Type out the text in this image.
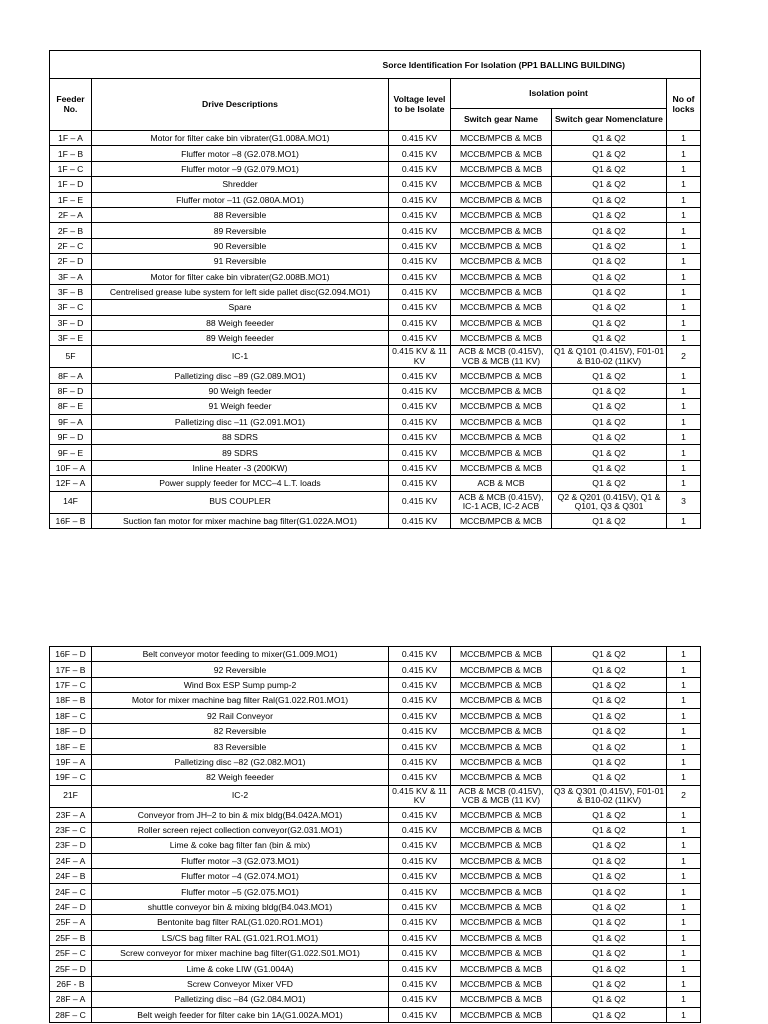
Sorce Identification For Isolation (PP1 BALLING BUILDING)					
Feeder No.	Drive Descriptions	Voltage level to be Isolate	Isolation point		No of locks
			Switch gear Name	Switch gear Nomenclature	
1F – A	Motor for filter cake bin vibrater(G1.008A.MO1)	0.415 KV	MCCB/MPCB & MCB	Q1 & Q2	1
1F – B	Fluffer motor –8 (G2.078.MO1)	0.415 KV	MCCB/MPCB & MCB	Q1 & Q2	1
1F – C	Fluffer motor –9 (G2.079.MO1)	0.415 KV	MCCB/MPCB & MCB	Q1 & Q2	1
1F – D	Shredder	0.415 KV	MCCB/MPCB & MCB	Q1 & Q2	1
1F – E	Fluffer motor –11 (G2.080A.MO1)	0.415 KV	MCCB/MPCB & MCB	Q1 & Q2	1
2F – A	88 Reversible	0.415 KV	MCCB/MPCB & MCB	Q1 & Q2	1
2F – B	89 Reversible	0.415 KV	MCCB/MPCB & MCB	Q1 & Q2	1
2F – C	90 Reversible	0.415 KV	MCCB/MPCB & MCB	Q1 & Q2	1
2F – D	91 Reversible	0.415 KV	MCCB/MPCB & MCB	Q1 & Q2	1
3F – A	Motor for filter cake bin vibrater(G2.008B.MO1)	0.415 KV	MCCB/MPCB & MCB	Q1 & Q2	1
3F – B	Centrelised grease lube system for left side pallet disc(G2.094.MO1)	0.415 KV	MCCB/MPCB & MCB	Q1 & Q2	1
3F – C	Spare	0.415 KV	MCCB/MPCB & MCB	Q1 & Q2	1
3F – D	88 Weigh feeeder	0.415 KV	MCCB/MPCB & MCB	Q1 & Q2	1
3F – E	89 Weigh feeeder	0.415 KV	MCCB/MPCB & MCB	Q1 & Q2	1
5F	IC-1	0.415 KV & 11 KV	ACB & MCB (0.415V), VCB & MCB (11 KV)	Q1 & Q101 (0.415V), F01-01 & B10-02 (11KV)	2
8F – A	Palletizing disc –89 (G2.089.MO1)	0.415 KV	MCCB/MPCB & MCB	Q1 & Q2	1
8F – D	90 Weigh feeder	0.415 KV	MCCB/MPCB & MCB	Q1 & Q2	1
8F – E	91 Weigh feeder	0.415 KV	MCCB/MPCB & MCB	Q1 & Q2	1
9F – A	Palletizing disc –11 (G2.091.MO1)	0.415 KV	MCCB/MPCB & MCB	Q1 & Q2	1
9F – D	88 SDRS	0.415 KV	MCCB/MPCB & MCB	Q1 & Q2	1
9F – E	89 SDRS	0.415 KV	MCCB/MPCB & MCB	Q1 & Q2	1
10F – A	Inline Heater -3 (200KW)	0.415 KV	MCCB/MPCB & MCB	Q1 & Q2	1
12F – A	Power supply feeder for MCC–4 L.T. loads	0.415 KV	ACB & MCB	Q1 & Q2	1
14F	BUS COUPLER	0.415 KV	ACB & MCB (0.415V), IC-1 ACB, IC-2 ACB	Q2 & Q201 (0.415V), Q1 & Q101, Q3 & Q301	3
16F – B	Suction fan motor for mixer machine bag filter(G1.022A.MO1)	0.415 KV	MCCB/MPCB & MCB	Q1 & Q2	1
16F – D	Belt conveyor motor feeding to mixer(G1.009.MO1)	0.415 KV	MCCB/MPCB & MCB	Q1 & Q2	1
17F – B	92 Reversible	0.415 KV	MCCB/MPCB & MCB	Q1 & Q2	1
17F – C	Wind Box ESP Sump pump-2	0.415 KV	MCCB/MPCB & MCB	Q1 & Q2	1
18F – B	Motor for mixer machine bag filter Ral(G1.022.R01.MO1)	0.415 KV	MCCB/MPCB & MCB	Q1 & Q2	1
18F – C	92 Rail Conveyor	0.415 KV	MCCB/MPCB & MCB	Q1 & Q2	1
18F – D	82 Reversible	0.415 KV	MCCB/MPCB & MCB	Q1 & Q2	1
18F – E	83 Reversible	0.415 KV	MCCB/MPCB & MCB	Q1 & Q2	1
19F – A	Palletizing disc –82 (G2.082.MO1)	0.415 KV	MCCB/MPCB & MCB	Q1 & Q2	1
19F – C	82 Weigh feeeder	0.415 KV	MCCB/MPCB & MCB	Q1 & Q2	1
21F	IC-2	0.415 KV & 11 KV	ACB & MCB (0.415V), VCB & MCB (11 KV)	Q3 & Q301 (0.415V), F01-01 & B10-02 (11KV)	2
23F – A	Conveyor from JH–2 to bin & mix bldg(B4.042A.MO1)	0.415 KV	MCCB/MPCB & MCB	Q1 & Q2	1
23F – C	Roller screen reject collection conveyor(G2.031.MO1)	0.415 KV	MCCB/MPCB & MCB	Q1 & Q2	1
23F – D	Lime & coke bag filter fan (bin & mix)	0.415 KV	MCCB/MPCB & MCB	Q1 & Q2	1
24F – A	Fluffer motor –3 (G2.073.MO1)	0.415 KV	MCCB/MPCB & MCB	Q1 & Q2	1
24F – B	Fluffer motor –4 (G2.074.MO1)	0.415 KV	MCCB/MPCB & MCB	Q1 & Q2	1
24F – C	Fluffer motor –5 (G2.075.MO1)	0.415 KV	MCCB/MPCB & MCB	Q1 & Q2	1
24F – D	shuttle conveyor bin & mixing bldg(B4.043.MO1)	0.415 KV	MCCB/MPCB & MCB	Q1 & Q2	1
25F – A	Bentonite bag filter RAL(G1.020.RO1.MO1)	0.415 KV	MCCB/MPCB & MCB	Q1 & Q2	1
25F – B	LS/CS bag filter RAL (G1.021.RO1.MO1)	0.415 KV	MCCB/MPCB & MCB	Q1 & Q2	1
25F – C	Screw conveyor for mixer machine bag filter(G1.022.S01.MO1)	0.415 KV	MCCB/MPCB & MCB	Q1 & Q2	1
25F – D	Lime & coke LIW (G1.004A)	0.415 KV	MCCB/MPCB & MCB	Q1 & Q2	1
26F - B	Screw Conveyor Mixer VFD	0.415 KV	MCCB/MPCB & MCB	Q1 & Q2	1
28F – A	Palletizing disc –84 (G2.084.MO1)	0.415 KV	MCCB/MPCB & MCB	Q1 & Q2	1
28F – C	Belt weigh feeder for filter cake bin 1A(G1.002A.MO1)	0.415 KV	MCCB/MPCB & MCB	Q1 & Q2	1
